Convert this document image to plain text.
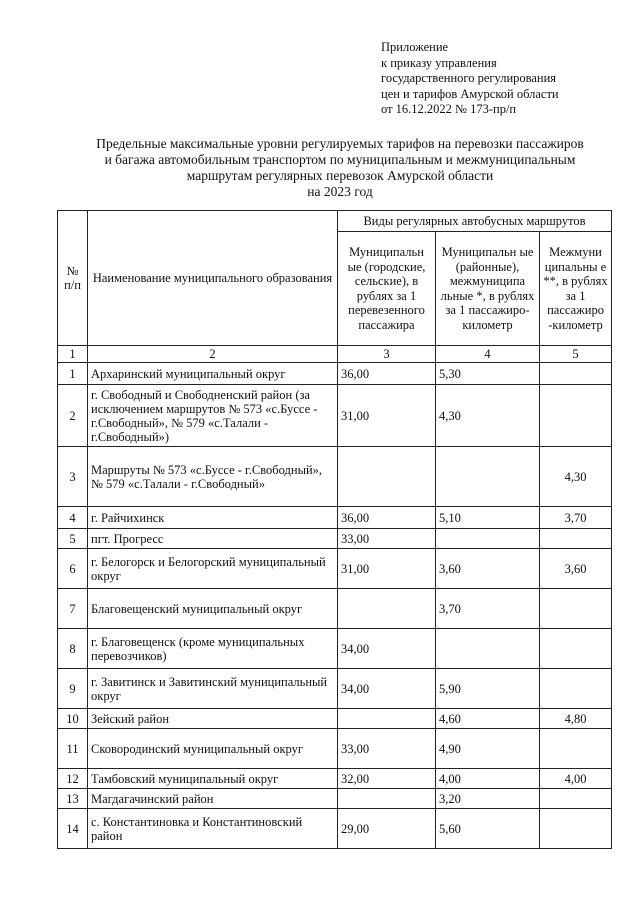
Приложение
к приказу управления
государственного регулирования
цен и тарифов Амурской области
от 16.12.2022 № 173-пр/п
Предельные максимальные уровни регулируемых тарифов на перевозки пассажиров
и багажа автомобильным транспортом по муниципальным и межмуниципальным
маршрутам регулярных перевозок Амурской области
на 2023 год
№ п/п	Наименование муниципального образования	Виды регулярных автобусных маршрутов		
		Муниципальн ые (городские, сельские), в рублях за 1 перевезенного пассажира	Муниципальн ые (районные), межмуниципа льные *, в рублях за 1 пассажиро-километр	Межмуни ципальны е **, в рублях за 1 пассажиро -километр
1	2	3	4	5
1	Архаринский муниципальный округ	36,00	5,30	
2	г. Свободный и Свободненский район (за исключением маршрутов № 573 «с.Буссе - г.Свободный», № 579 «с.Талали - г.Свободный»)	31,00	4,30	
3	Маршруты № 573 «с.Буссе - г.Свободный», № 579 «с.Талали - г.Свободный»			4,30
4	г. Райчихинск	36,00	5,10	3,70
5	пгт. Прогресс	33,00		
6	г. Белогорск и Белогорский муниципальный округ	31,00	3,60	3,60
7	Благовещенский муниципальный округ		3,70	
8	г. Благовещенск (кроме муниципальных перевозчиков)	34,00		
9	г. Завитинск и Завитинский муниципальный округ	34,00	5,90	
10	Зейский район		4,60	4,80
11	Сковородинский муниципальный округ	33,00	4,90	
12	Тамбовский муниципальный округ	32,00	4,00	4,00
13	Магдагачинский район		3,20	
14	с. Константиновка и Константиновский район	29,00	5,60	
